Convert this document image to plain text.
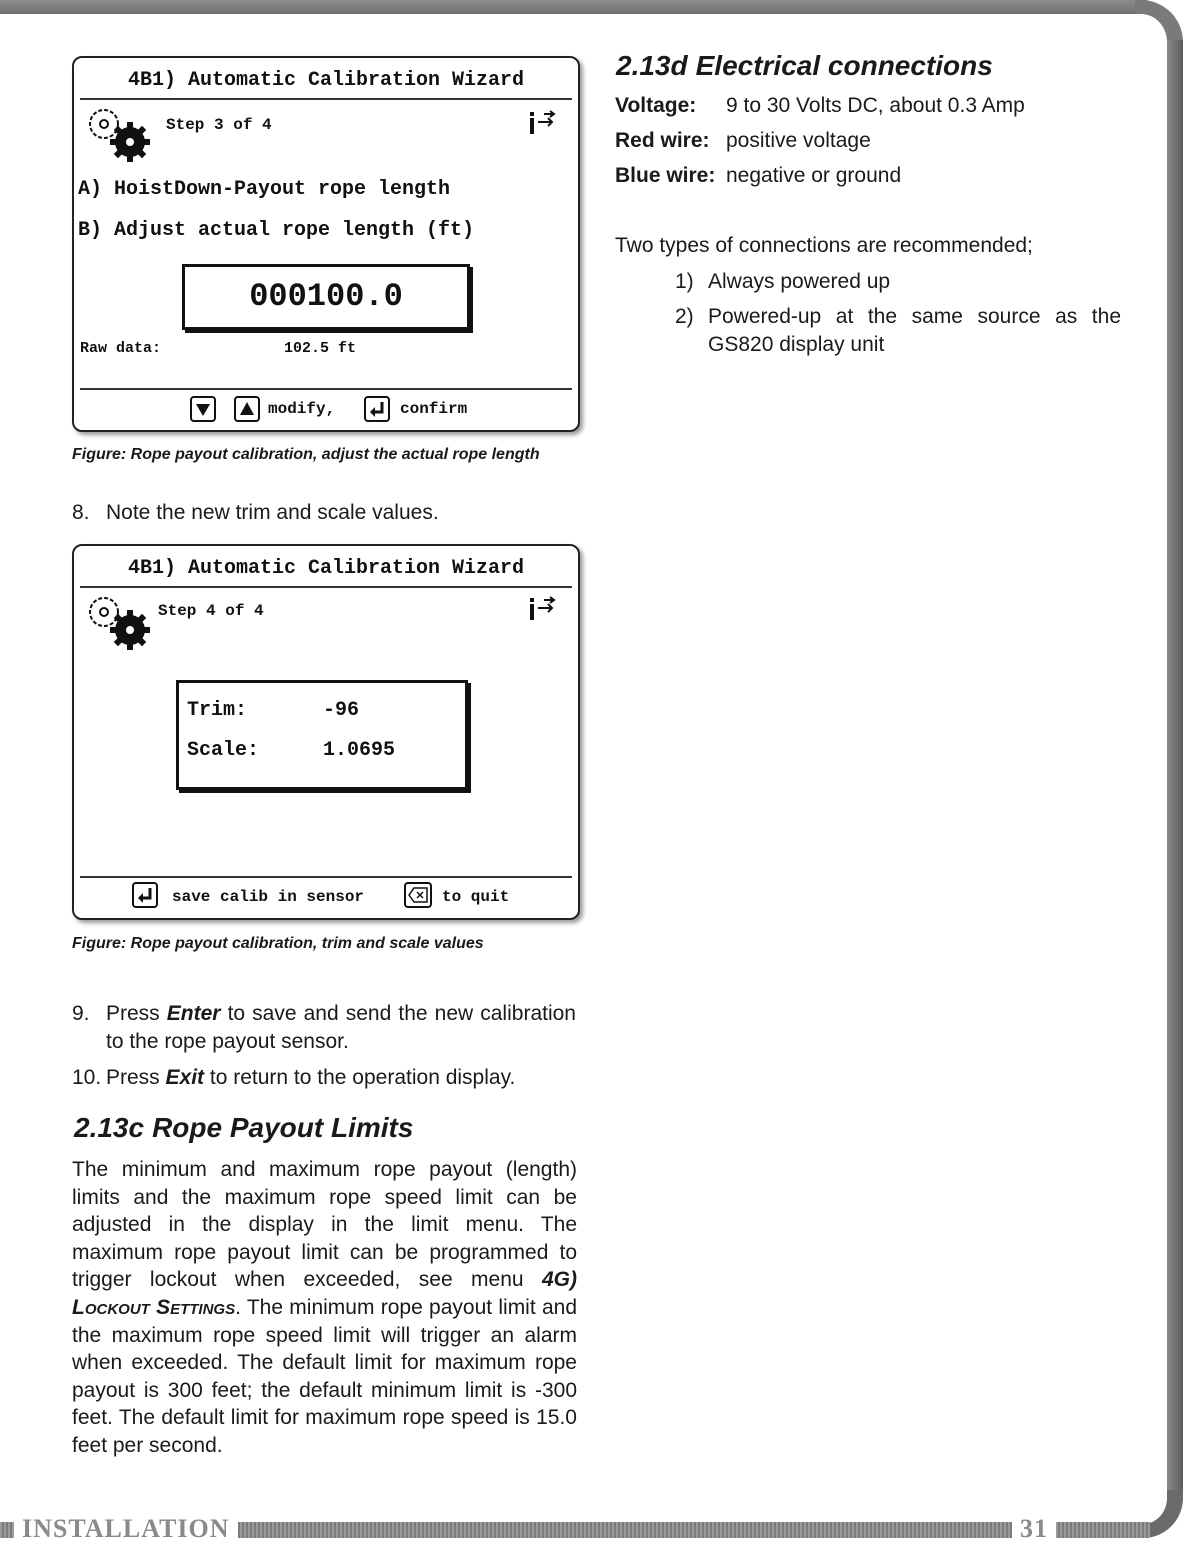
INSTALLATION	31
4B1) Automatic Calibration Wizard
Step 3 of 4
A) HoistDown-Payout rope length
B) Adjust actual rope length (ft)
000100.0
Raw data:	102.5 ft
modify,	confirm
Figure: Rope payout calibration, adjust the actual rope length
8. Note the new trim and scale values.
4B1) Automatic Calibration Wizard
Step 4 of 4
Trim:	-96
Scale:	1.0695
save calib in sensor	to quit
Figure: Rope payout calibration, trim and scale values
9. Press Enter to save and send the new calibration to the rope payout sensor.
10. Press Exit to return to the operation display.
2.13c Rope Payout Limits
The minimum and maximum rope payout (length) limits and the maximum rope speed limit can be adjusted in the display in the limit menu. The maximum rope payout limit can be programmed to trigger lockout when exceeded, see menu 4G) Lockout Settings. The minimum rope payout limit and the maximum rope speed limit will trigger an alarm when exceeded. The default limit for maximum rope payout is 300 feet; the default minimum limit is -300 feet. The default limit for maximum rope speed is 15.0 feet per second.
2.13d Electrical connections
Voltage: 9 to 30 Volts DC, about 0.3 Amp
Red wire: positive voltage
Blue wire: negative or ground
Two types of connections are recommended;
1) Always powered up
2) Powered-up at the same source as the GS820 display unit
